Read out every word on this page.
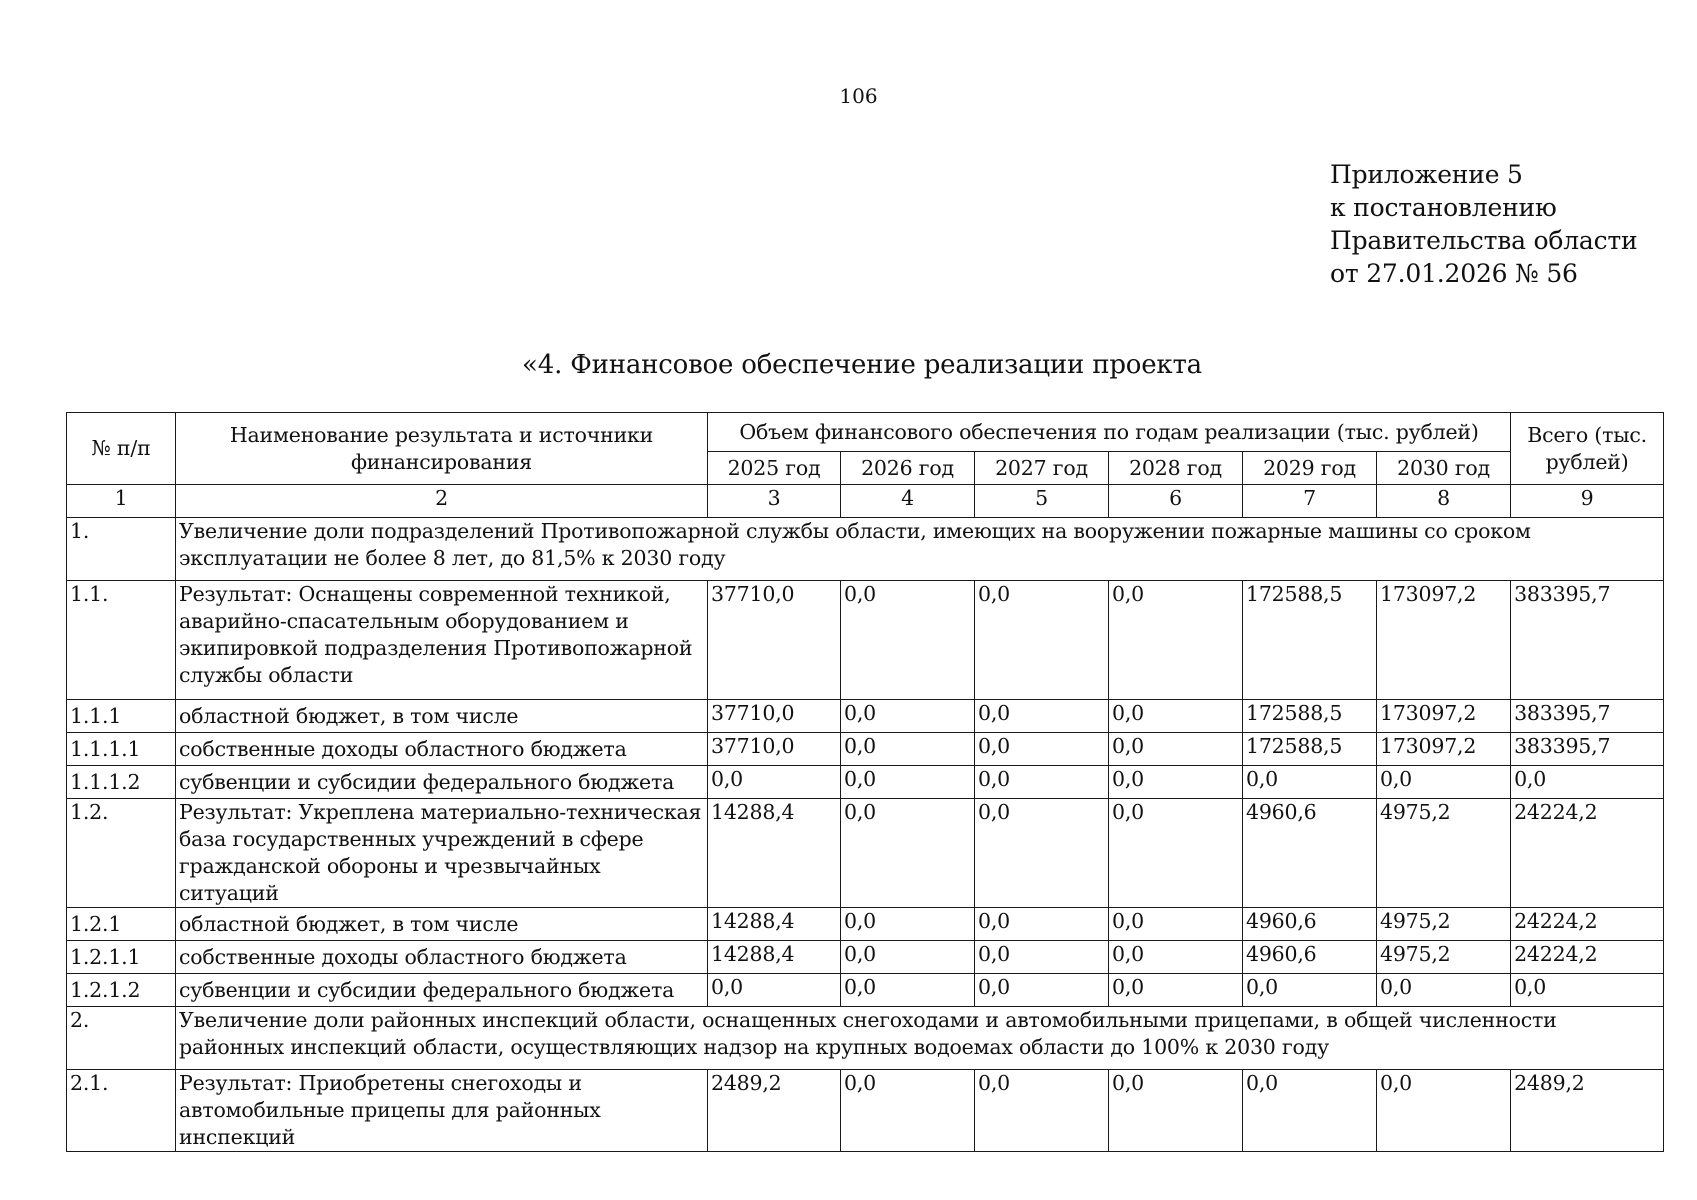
106
Приложение 5
к постановлению
Правительства области
от 27.01.2026 № 56
«4. Финансовое обеспечение реализации проекта
№ п/п	Наименование результата и источники финансирования	Объем финансового обеспечения по годам реализации (тыс. рублей)						Всего (тыс. рублей)
		2025 год	2026 год	2027 год	2028 год	2029 год	2030 год	
1	2	3	4	5	6	7	8	9
1.	Увеличение доли подразделений Противопожарной службы области, имеющих на вооружении пожарные машины со сроком эксплуатации не более 8 лет, до 81,5% к 2030 году							
1.1.	Результат: Оснащены современной техникой, аварийно-спасательным оборудованием и экипировкой подразделения Противопожарной службы области	37710,0	0,0	0,0	0,0	172588,5	173097,2	383395,7
1.1.1	областной бюджет, в том числе	37710,0	0,0	0,0	0,0	172588,5	173097,2	383395,7
1.1.1.1	собственные доходы областного бюджета	37710,0	0,0	0,0	0,0	172588,5	173097,2	383395,7
1.1.1.2	субвенции и субсидии федерального бюджета	0,0	0,0	0,0	0,0	0,0	0,0	0,0
1.2.	Результат: Укреплена материально-техническая база государственных учреждений в сфере гражданской обороны и чрезвычайных ситуаций	14288,4	0,0	0,0	0,0	4960,6	4975,2	24224,2
1.2.1	областной бюджет, в том числе	14288,4	0,0	0,0	0,0	4960,6	4975,2	24224,2
1.2.1.1	собственные доходы областного бюджета	14288,4	0,0	0,0	0,0	4960,6	4975,2	24224,2
1.2.1.2	субвенции и субсидии федерального бюджета	0,0	0,0	0,0	0,0	0,0	0,0	0,0
2.	Увеличение доли районных инспекций области, оснащенных снегоходами и автомобильными прицепами, в общей численности районных инспекций области, осуществляющих надзор на крупных водоемах области до 100% к 2030 году							
2.1.	Результат: Приобретены снегоходы и автомобильные прицепы для районных инспекций	2489,2	0,0	0,0	0,0	0,0	0,0	2489,2
